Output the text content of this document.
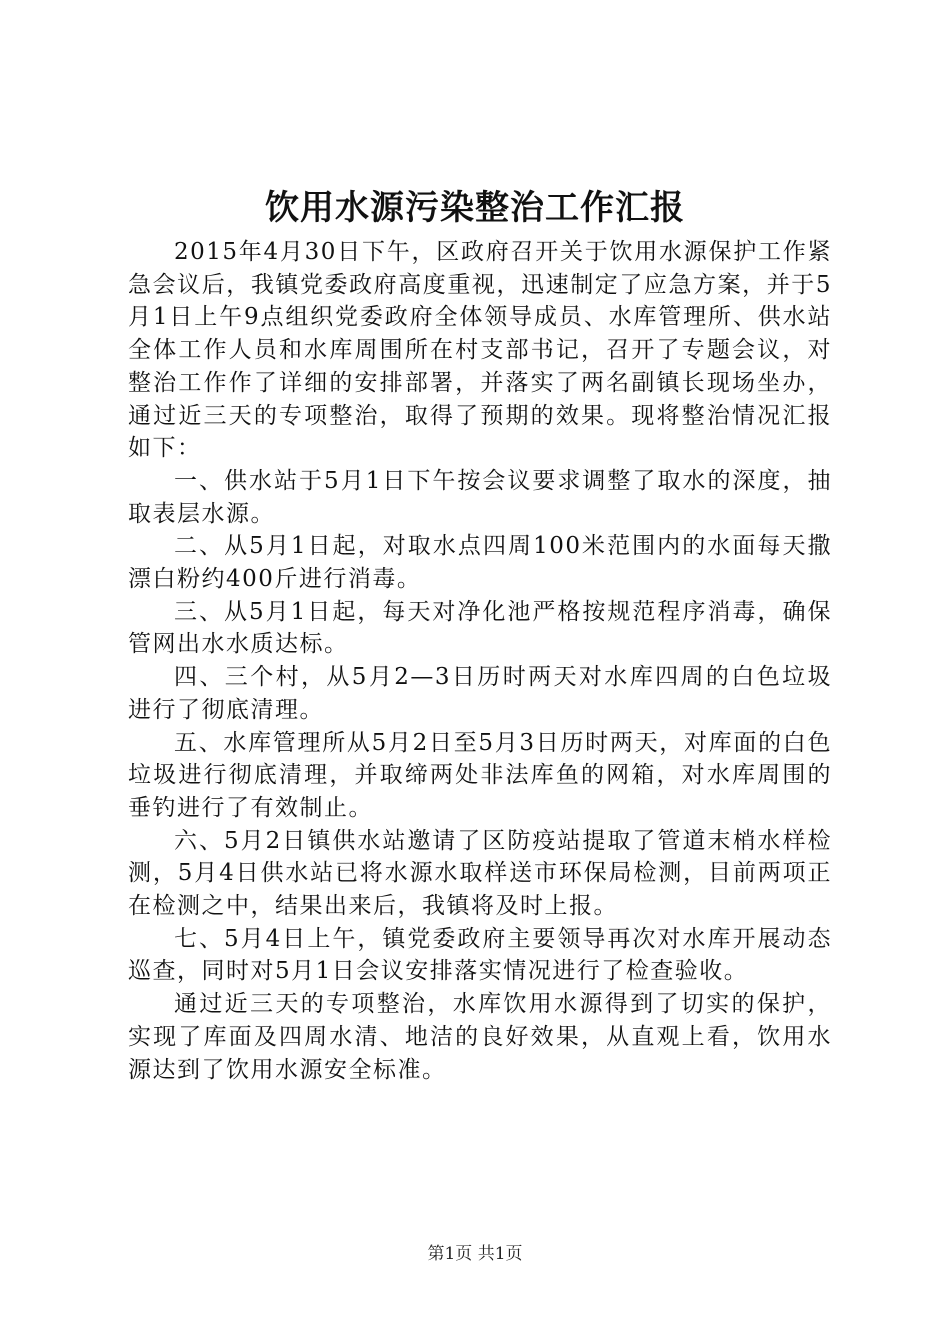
饮用水源污染整治工作汇报

2015年4月30日下午，区政府召开关于饮用水源保护工作紧急会议后，我镇党委政府高度重视，迅速制定了应急方案，并于5月1日上午9点组织党委政府全体领导成员、水库管理所、供水站全体工作人员和水库周围所在村支部书记，召开了专题会议，对整治工作作了详细的安排部署，并落实了两名副镇长现场坐办，通过近三天的专项整治，取得了预期的效果。现将整治情况汇报如下：

一、供水站于5月1日下午按会议要求调整了取水的深度，抽取表层水源。

二、从5月1日起，对取水点四周100米范围内的水面每天撒漂白粉约400斤进行消毒。

三、从5月1日起，每天对净化池严格按规范程序消毒，确保管网出水水质达标。

四、三个村，从5月2—3日历时两天对水库四周的白色垃圾进行了彻底清理。

五、水库管理所从5月2日至5月3日历时两天，对库面的白色垃圾进行彻底清理，并取缔两处非法库鱼的网箱，对水库周围的垂钓进行了有效制止。

六、5月2日镇供水站邀请了区防疫站提取了管道末梢水样检测，5月4日供水站已将水源水取样送市环保局检测，目前两项正在检测之中，结果出来后，我镇将及时上报。

七、5月4日上午，镇党委政府主要领导再次对水库开展动态巡查，同时对5月1日会议安排落实情况进行了检查验收。

通过近三天的专项整治，水库饮用水源得到了切实的保护，实现了库面及四周水清、地洁的良好效果，从直观上看，饮用水源达到了饮用水源安全标准。

第1页 共1页
